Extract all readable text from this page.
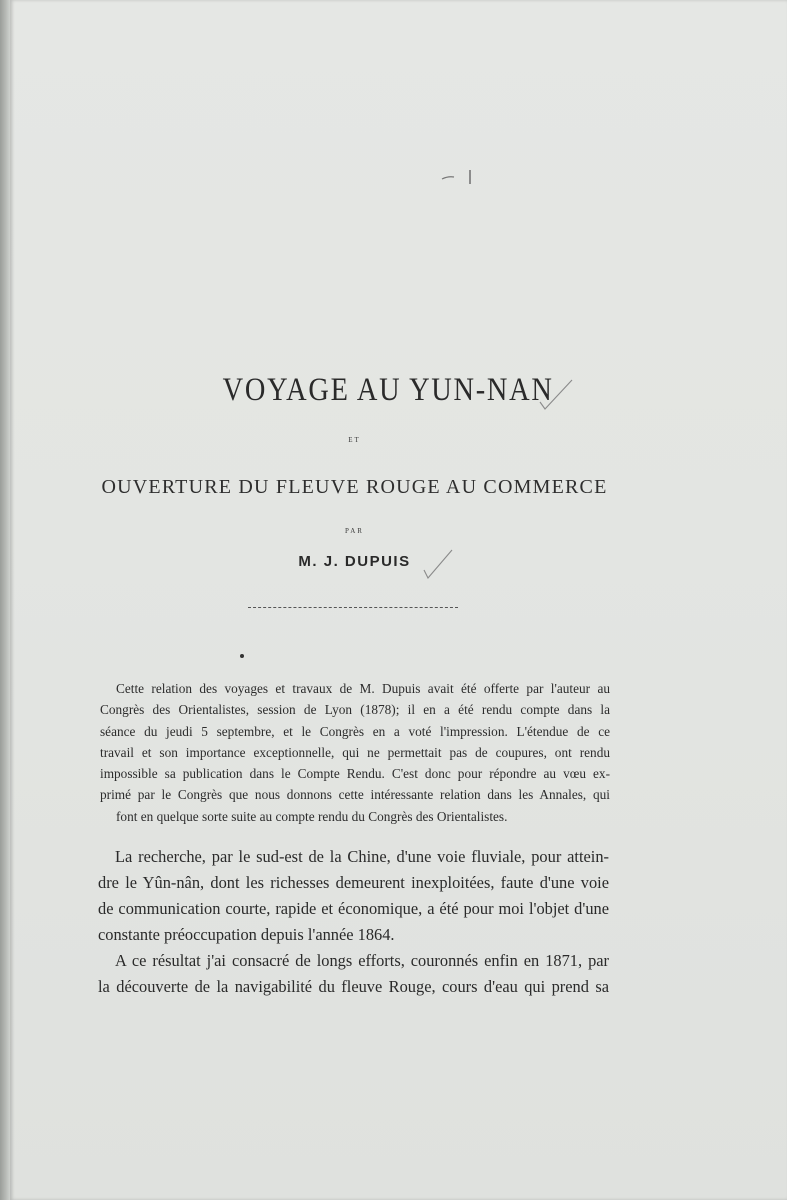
VOYAGE AU YUN-NAN
ET
OUVERTURE DU FLEUVE ROUGE AU COMMERCE
PAR
M. J. DUPUIS
Cette relation des voyages et travaux de M. Dupuis avait été offerte par l'auteur au
Congrès des Orientalistes, session de Lyon (1878); il en a été rendu compte dans la
séance du jeudi 5 septembre, et le Congrès en a voté l'impression. L'étendue de ce
travail et son importance exceptionnelle, qui ne permettait pas de coupures, ont rendu
impossible sa publication dans le Compte Rendu. C'est donc pour répondre au vœu ex-
primé par le Congrès que nous donnons cette intéressante relation dans les Annales, qui
font en quelque sorte suite au compte rendu du Congrès des Orientalistes.
La recherche, par le sud-est de la Chine, d'une voie fluviale, pour attein-
dre le Yûn-nân, dont les richesses demeurent inexploitées, faute d'une voie
de communication courte, rapide et économique, a été pour moi l'objet d'une
constante préoccupation depuis l'année 1864.
A ce résultat j'ai consacré de longs efforts, couronnés enfin en 1871, par
la découverte de la navigabilité du fleuve Rouge, cours d'eau qui prend sa
